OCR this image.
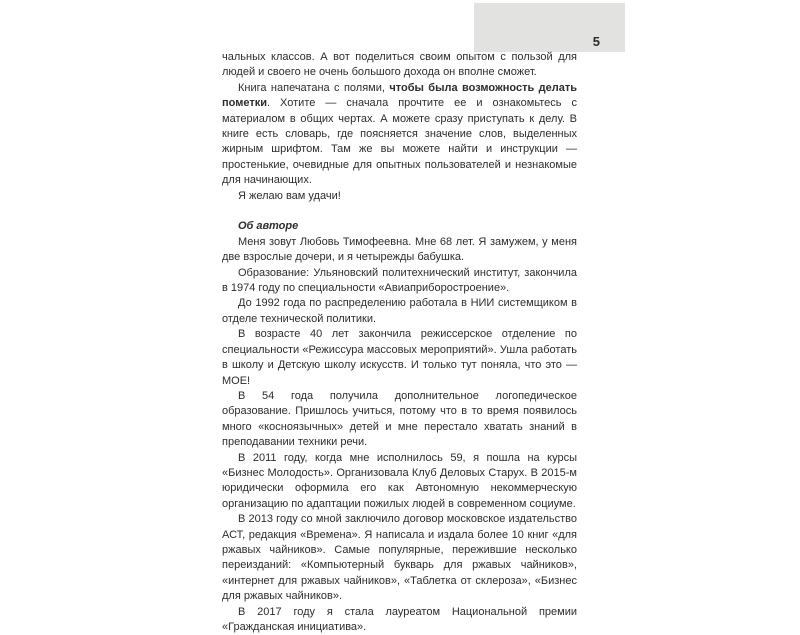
5

чальных классов. А вот поделиться своим опытом с пользой для людей и своего не очень большого дохода он вполне сможет.

Книга напечатана с полями, чтобы была возможность делать пометки. Хотите — сначала прочтите ее и ознакомьтесь с материалом в общих чертах. А можете сразу приступать к делу. В книге есть словарь, где поясняется значение слов, выделенных жирным шрифтом. Там же вы можете найти и инструкции — простенькие, очевидные для опытных пользователей и незнакомые для начинающих.

Я желаю вам удачи!

Об авторе

Меня зовут Любовь Тимофеевна. Мне 68 лет. Я замужем, у меня две взрослые дочери, и я четырежды бабушка.

Образование: Ульяновский политехнический институт, закончила в 1974 году по специальности «Авиаприборостроение».

До 1992 года по распределению работала в НИИ системщиком в отделе технической политики.

В возрасте 40 лет закончила режиссерское отделение по специальности «Режиссура массовых мероприятий». Ушла работать в школу и Детскую школу искусств. И только тут поняла, что это — МОЕ!

В 54 года получила дополнительное логопедическое образование. Пришлось учиться, потому что в то время появилось много «косноязычных» детей и мне перестало хватать знаний в преподавании техники речи.

В 2011 году, когда мне исполнилось 59, я пошла на курсы «Бизнес Молодость». Организовала Клуб Деловых Старух. В 2015-м юридически оформила его как Автономную некоммерческую организацию по адаптации пожилых людей в современном социуме.

В 2013 году со мной заключило договор московское издательство АСТ, редакция «Времена». Я написала и издала более 10 книг «для ржавых чайников». Самые популярные, пережившие несколько переизданий: «Компьютерный букварь для ржавых чайников», «интернет для ржавых чайников», «Таблетка от склероза», «Бизнес для ржавых чайников».

В 2017 году я стала лауреатом Национальной премии «Гражданская инициатива».
